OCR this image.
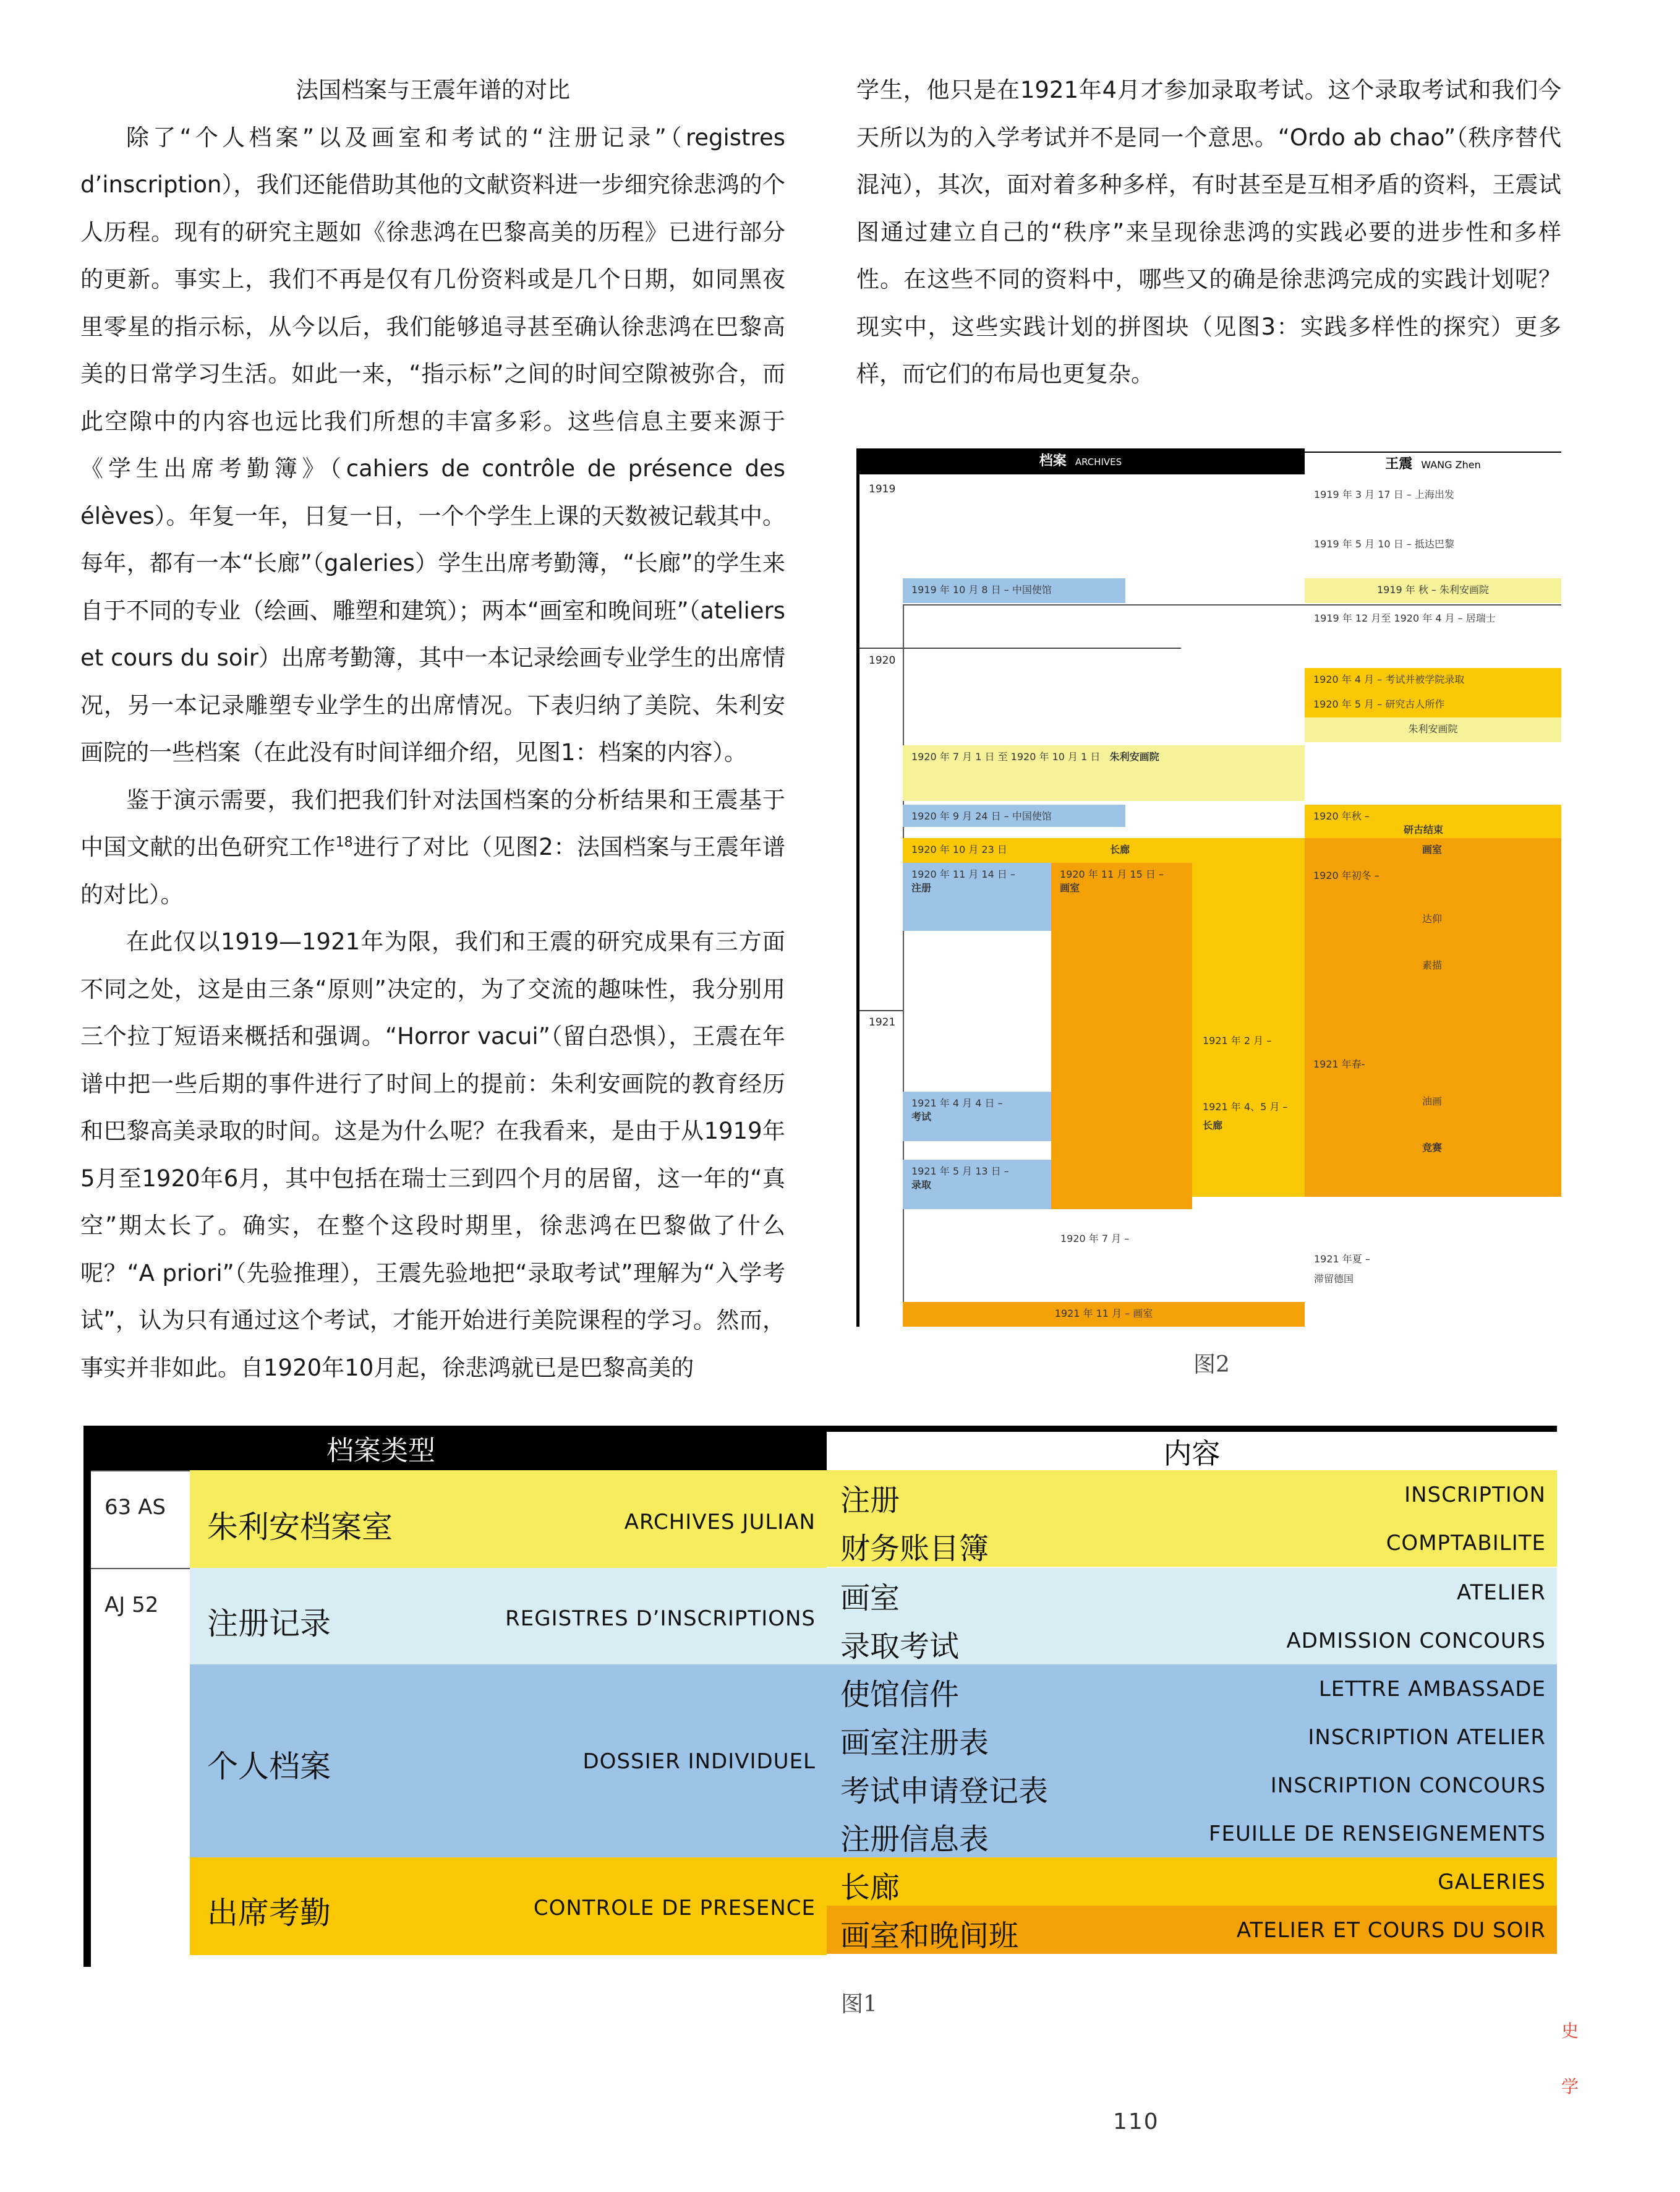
法国档案与王震年谱的对比

除了“个人档案”以及画室和考试的“注册记录”（registres d’inscription），我们还能借助其他的文献资料进一步细究徐悲鸿的个人历程。现有的研究主题如《徐悲鸿在巴黎高美的历程》已进行部分的更新。事实上，我们不再是仅有几份资料或是几个日期，如同黑夜里零星的指示标，从今以后，我们能够追寻甚至确认徐悲鸿在巴黎高美的日常学习生活。如此一来，“指示标”之间的时间空隙被弥合，而此空隙中的内容也远比我们所想的丰富多彩。这些信息主要来源于《学生出席考勤簿》（cahiers de contrôle de présence des élèves）。年复一年，日复一日，一个个学生上课的天数被记载其中。每年，都有一本“长廊”（galeries）学生出席考勤簿，“长廊”的学生来自于不同的专业（绘画、雕塑和建筑）；两本“画室和晚间班”（ateliers et cours du soir）出席考勤簿，其中一本记录绘画专业学生的出席情况，另一本记录雕塑专业学生的出席情况。下表归纳了美院、朱利安画院的一些档案（在此没有时间详细介绍，见图1：档案的内容）。

鉴于演示需要，我们把我们针对法国档案的分析结果和王震基于中国文献的出色研究工作$^{18}$进行了对比（见图2：法国档案与王震年谱的对比）。

在此仅以1919—1921年为限，我们和王震的研究成果有三方面不同之处，这是由三条“原则”决定的，为了交流的趣味性，我分别用三个拉丁短语来概括和强调。“Horror vacui”（留白恐惧），王震在年谱中把一些后期的事件进行了时间上的提前：朱利安画院的教育经历和巴黎高美录取的时间。这是为什么呢？在我看来，是由于从1919年5月至1920年6月，其中包括在瑞士三到四个月的居留，这一年的“真空”期太长了。确实，在整个这段时期里，徐悲鸿在巴黎做了什么呢？“A priori”（先验推理），王震先验地把“录取考试”理解为“入学考试”，认为只有通过这个考试，才能开始进行美院课程的学习。然而，事实并非如此。自1920年10月起，徐悲鸿就已是巴黎高美的

学生，他只是在1921年4月才参加录取考试。这个录取考试和我们今天所以为的入学考试并不是同一个意思。“Ordo ab chao”（秩序替代混沌），其次，面对着多种多样，有时甚至是互相矛盾的资料，王震试图通过建立自己的“秩序”来呈现徐悲鸿的实践必要的进步性和多样性。在这些不同的资料中，哪些又的确是徐悲鸿完成的实践计划呢？现实中，这些实践计划的拼图块（见图3：实践多样性的探究）更多样，而它们的布局也更复杂。

档案 ARCHIVES	王震 WANG Zhen
1919
1920
1921
1919 年 10 月 8 日 – 中国使馆
1920 年 7 月 1 日 至 1920 年 10 月 1 日 朱利安画院
1920 年 9 月 24 日 – 中国使馆
1920 年 10 月 23 日	长廊
1920 年 11 月 14 日 –
注册
1920 年 11 月 15 日 –
画室
1921 年 2 月 –
1921 年 4 月 4 日 –
考试
1921 年 4、5 月 –
长廊
1921 年 5 月 13 日 –
录取
1920 年 7 月 –
1921 年 11 月 – 画室
1919 年 3 月 17 日 – 上海出发
1919 年 5 月 10 日 – 抵达巴黎
1919 年 秋 – 朱利安画院
1919 年 12 月至 1920 年 4 月 – 居瑞士
1920 年 4 月 – 考试并被学院录取
1920 年 5 月 – 研究古人所作
朱利安画院
1920 年秋 –

研古结束
画室
1920 年初冬 –
达仰
素描
1921 年春-
油画
竞赛
1921 年夏 –
滞留德国
图2
档案类型	内容
63 AS
AJ 52
朱利安档案室	ARCHIVES JULIAN
注册记录	REGISTRES D’INSCRIPTIONS
个人档案	DOSSIER INDIVIDUEL
出席考勤	CONTROLE DE PRESENCE
注册	INSCRIPTION
财务账目簿	COMPTABILITE
画室	ATELIER
录取考试	ADMISSION CONCOURS
使馆信件	LETTRE AMBASSADE
画室注册表	INSCRIPTION ATELIER
考试申请登记表	INSCRIPTION CONCOURS
注册信息表	FEUILLE DE RENSEIGNEMENTS
长廊	GALERIES
画室和晚间班	ATELIER ET COURS DU SOIR
图1
史
学
110
